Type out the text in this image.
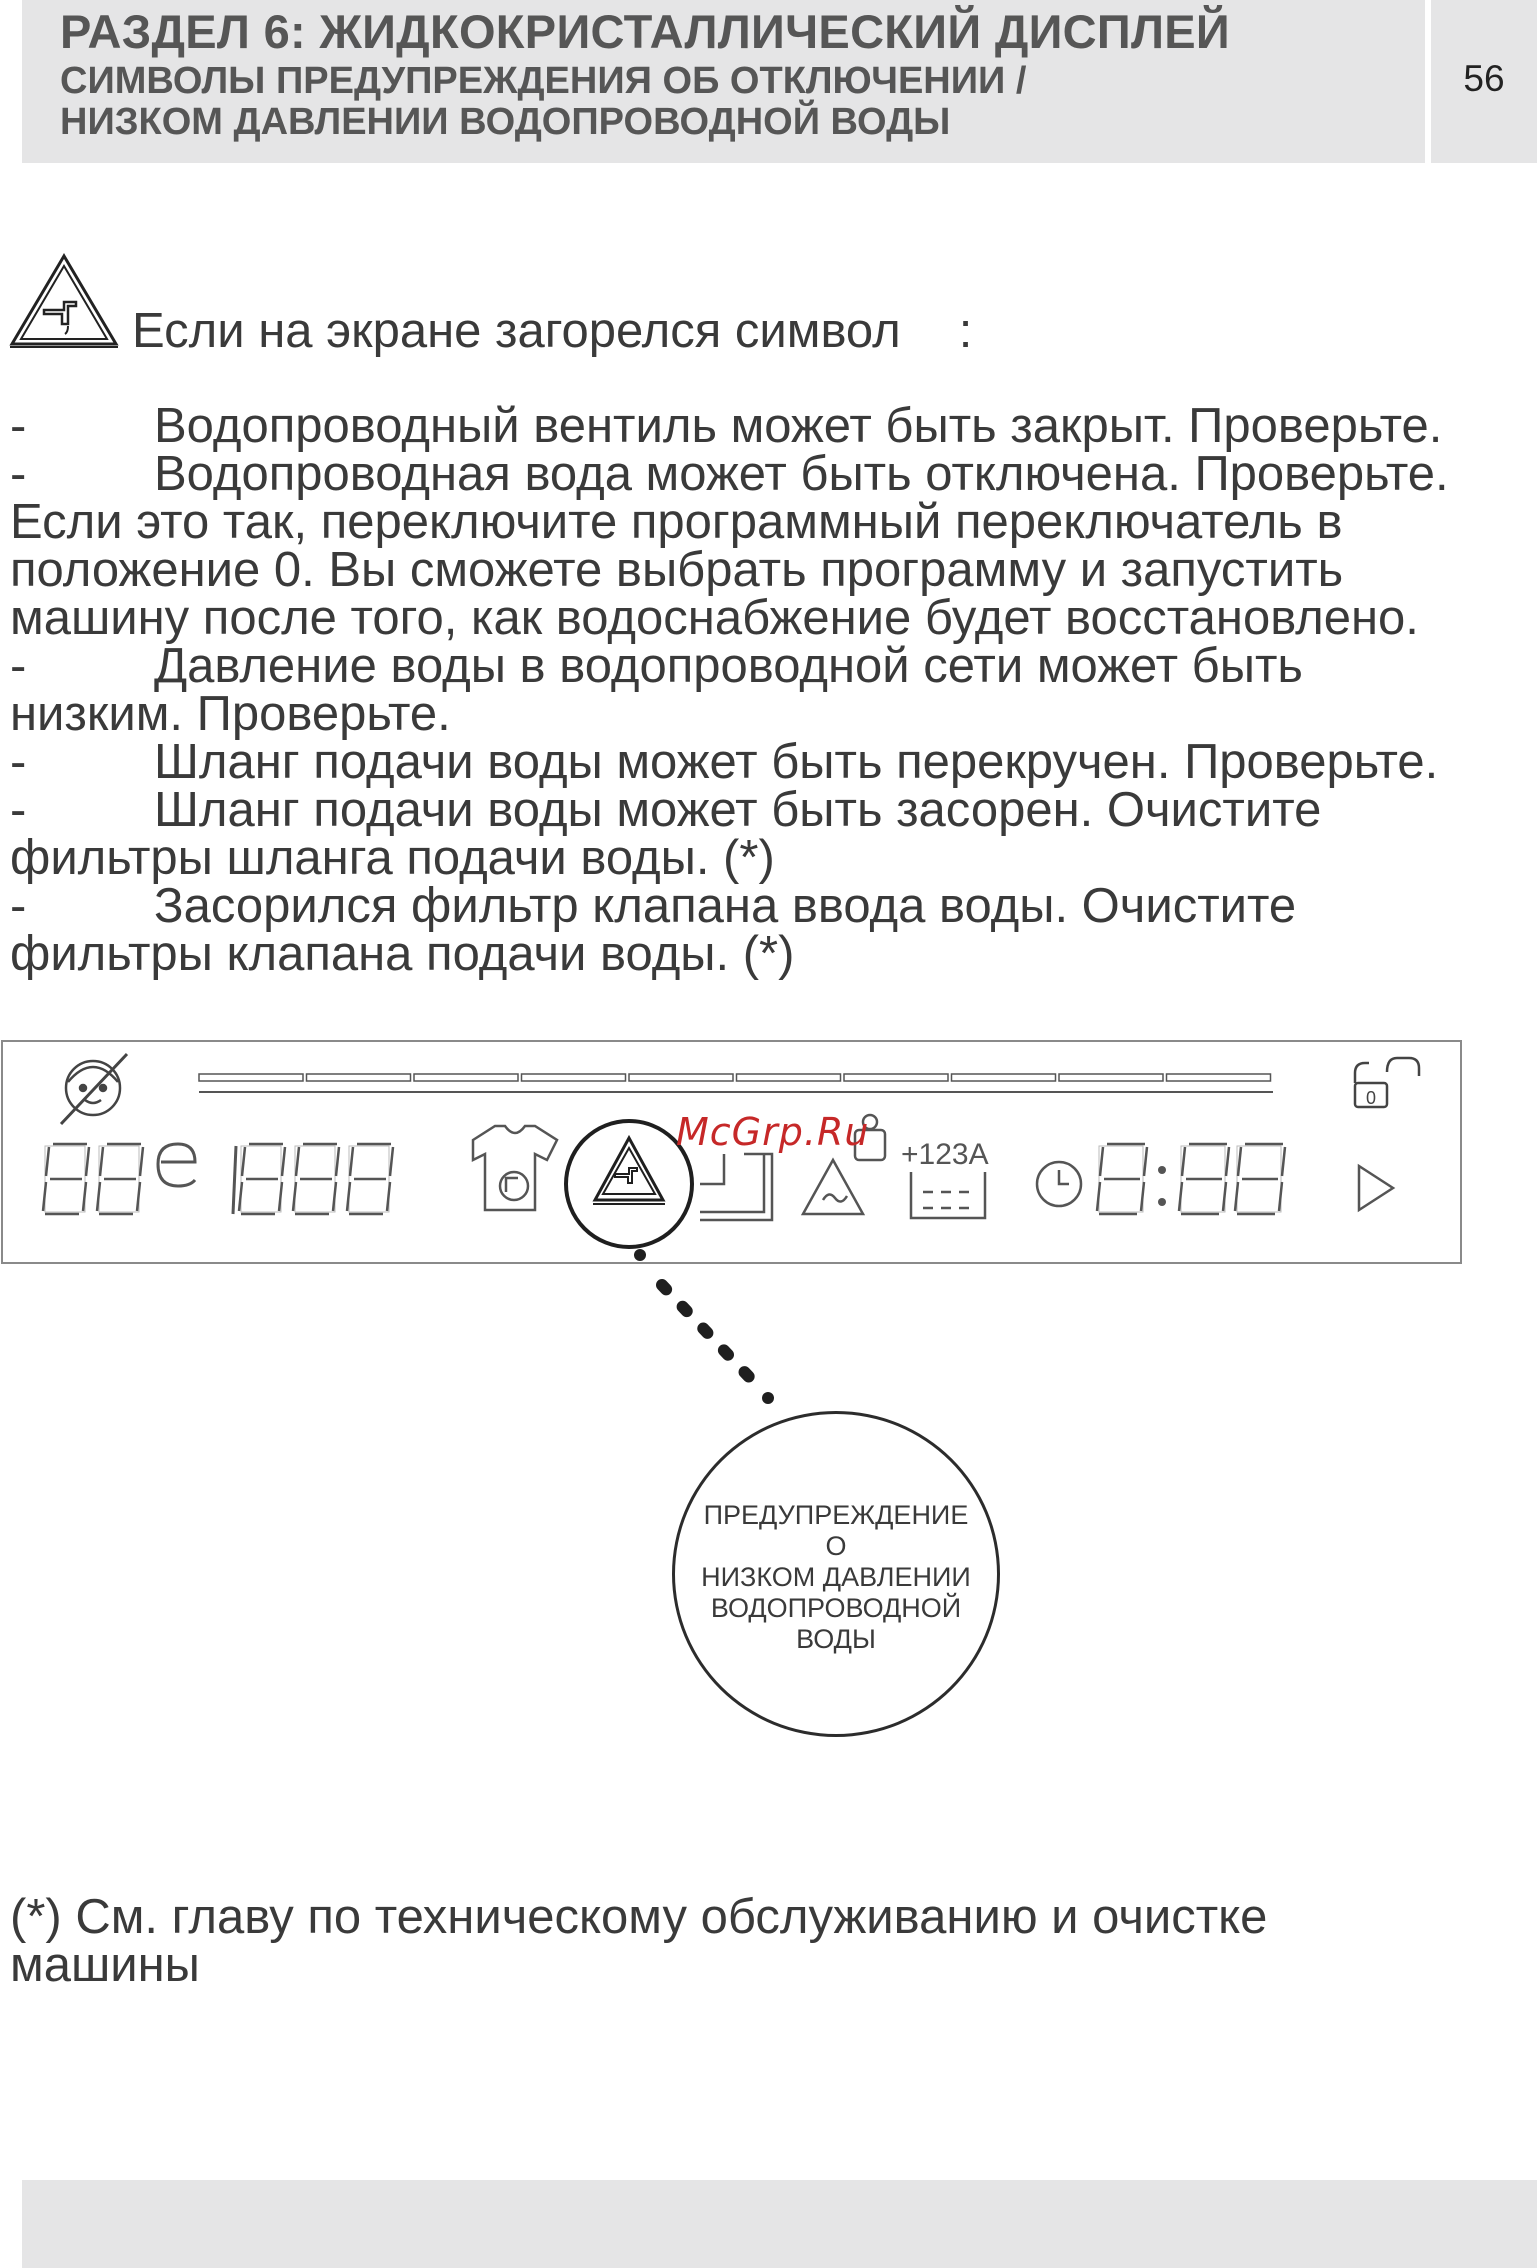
РАЗДЕЛ 6: ЖИДКОКРИСТАЛЛИЧЕСКИЙ ДИСПЛЕЙ
СИМВОЛЫ ПРЕДУПРЕЖДЕНИЯ ОБ ОТКЛЮЧЕНИИ /
НИЗКОМ ДАВЛЕНИИ ВОДОПРОВОДНОЙ ВОДЫ
56
Если на экране загорелся символ :
-	Водопроводный вентиль может быть закрыт. Проверьте.
-	Водопроводная вода может быть отключена. Проверьте.
Если это так, переключите программный переключатель в
положение 0. Вы сможете выбрать программу и запустить
машину после того, как водоснабжение будет восстановлено.
-	Давление воды в водопроводной сети может быть
низким. Проверьте.
-	Шланг подачи воды может быть перекручен. Проверьте.
-	Шланг подачи воды может быть засорен. Очистите
фильтры шланга подачи воды. (*)
-	Засорился фильтр клапана ввода воды. Очистите
фильтры клапана подачи воды. (*)
0
+123A
McGrp.Ru
ПРЕДУПРЕЖДЕНИЕ
О
НИЗКОМ ДАВЛЕНИИ
ВОДОПРОВОДНОЙ
ВОДЫ
(*) См. главу по техническому обслуживанию и очистке
машины
